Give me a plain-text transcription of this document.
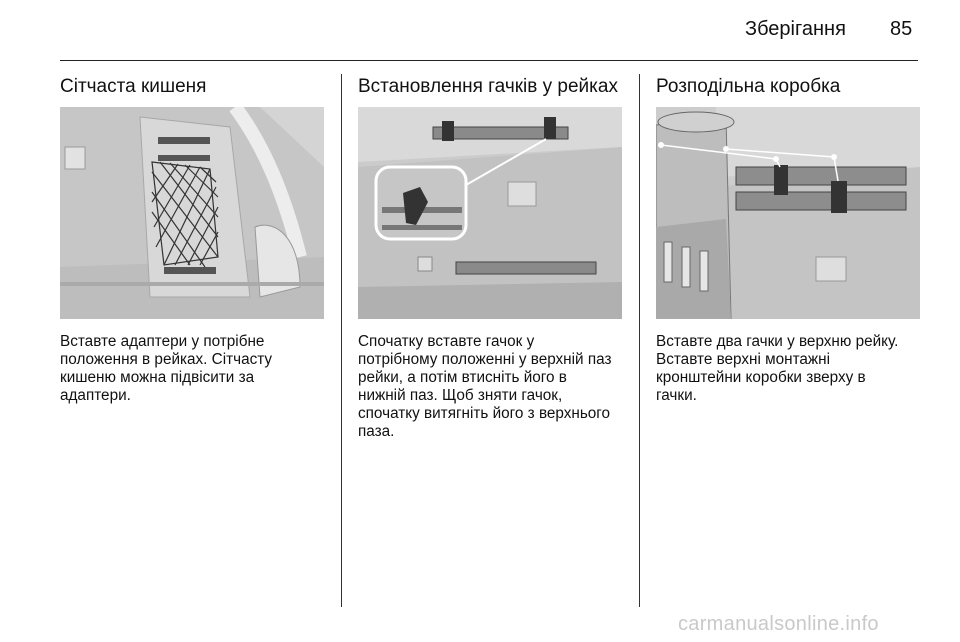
Зберігання 85
Сітчаста кишеня
Вставте адаптери у потрібне
положення в рейках. Сітчасту
кишеню можна підвісити за
адаптери.
Встановлення гачків у рейках
Спочатку вставте гачок у
потрібному положенні у верхній паз
рейки, а потім втисніть його в
нижній паз. Щоб зняти гачок,
спочатку витягніть його з верхнього
паза.
Розподільна коробка
Вставте два гачки у верхню рейку.
Вставте верхні монтажні
кронштейни коробки зверху в
гачки.
carmanualsonline.info
